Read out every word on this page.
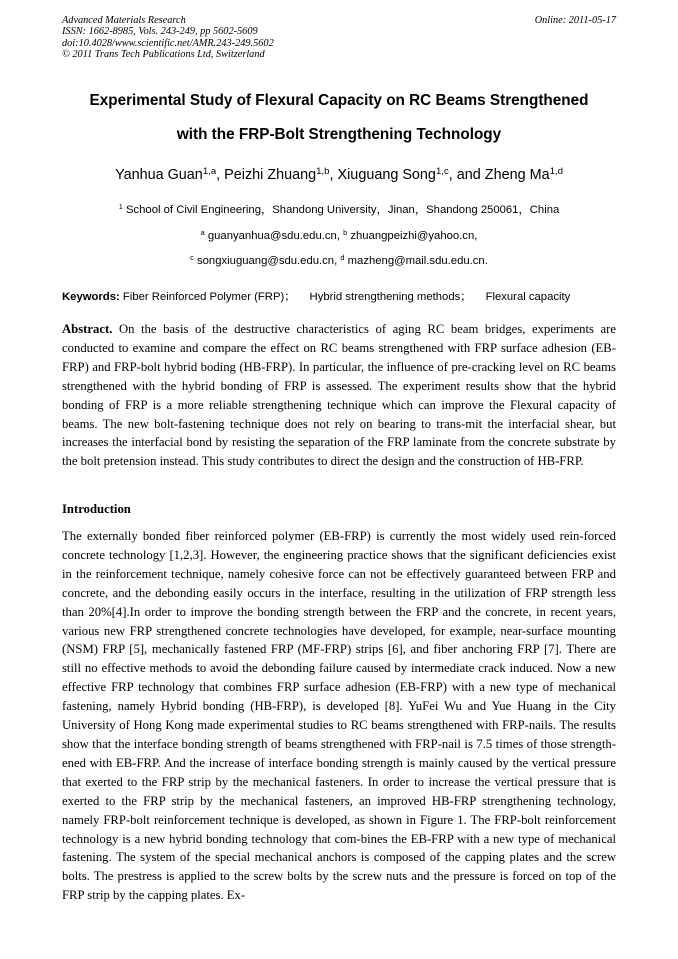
Advanced Materials Research
ISSN: 1662-8985, Vols. 243-249, pp 5602-5609
doi:10.4028/www.scientific.net/AMR.243-249.5602
© 2011 Trans Tech Publications Ltd, Switzerland
Online: 2011-05-17
Experimental Study of Flexural Capacity on RC Beams Strengthened
with the FRP-Bolt Strengthening Technology
Yanhua Guan$^{1,a}$, Peizhi Zhuang$^{1,b}$, Xiuguang Song$^{1,c}$, and Zheng Ma$^{1,d}$
$^1$ School of Civil Engineering，Shandong University，Jinan，Shandong 250061，China
$^a$ guanyanhua@sdu.edu.cn, $^b$ zhuangpeizhi@yahoo.cn,
$^c$ songxiuguang@sdu.edu.cn, $^d$ mazheng@mail.sdu.edu.cn.
Keywords: Fiber Reinforced Polymer (FRP)； Hybrid strengthening methods； Flexural capacity
Abstract. On the basis of the destructive characteristics of aging RC beam bridges, experiments are conducted to examine and compare the effect on RC beams strengthened with FRP surface adhesion (EB-FRP) and FRP-bolt hybrid boding (HB-FRP). In particular, the influence of pre-cracking level on RC beams strengthened with the hybrid bonding of FRP is assessed. The experiment results show that the hybrid bonding of FRP is a more reliable strengthening technique which can improve the Flexural capacity of beams. The new bolt-fastening technique does not rely on bearing to trans-mit the interfacial shear, but increases the interfacial bond by resisting the separation of the FRP laminate from the concrete substrate by the bolt pretension instead. This study contributes to direct the design and the construction of HB-FRP.
Introduction
The externally bonded fiber reinforced polymer (EB-FRP) is currently the most widely used rein-forced concrete technology [1,2,3]. However, the engineering practice shows that the significant deficiencies exist in the reinforcement technique, namely cohesive force can not be effectively guaranteed between FRP and concrete, and the debonding easily occurs in the interface, resulting in the utilization of FRP strength less than 20%[4].In order to improve the bonding strength between the FRP and the concrete, in recent years, various new FRP strengthened concrete technologies have developed, for example, near-surface mounting (NSM) FRP [5], mechanically fastened FRP (MF-FRP) strips [6], and fiber anchoring FRP [7]. There are still no effective methods to avoid the debonding failure caused by intermediate crack induced. Now a new effective FRP technology that combines FRP surface adhesion (EB-FRP) with a new type of mechanical fastening, namely Hybrid bonding (HB-FRP), is developed [8]. YuFei Wu and Yue Huang in the City University of Hong Kong made experimental studies to RC beams strengthened with FRP-nails. The results show that the interface bonding strength of beams strengthened with FRP-nail is 7.5 times of those strength-ened with EB-FRP. And the increase of interface bonding strength is mainly caused by the vertical pressure that exerted to the FRP strip by the mechanical fasteners. In order to increase the vertical pressure that is exerted to the FRP strip by the mechanical fasteners, an improved HB-FRP strengthening technology, namely FRP-bolt reinforcement technique is developed, as shown in Figure 1. The FRP-bolt reinforcement technology is a new hybrid bonding technology that com-bines the EB-FRP with a new type of mechanical fastening. The system of the special mechanical anchors is composed of the capping plates and the screw bolts. The prestress is applied to the screw bolts by the screw nuts and the pressure is forced on top of the FRP strip by the capping plates. Ex-
